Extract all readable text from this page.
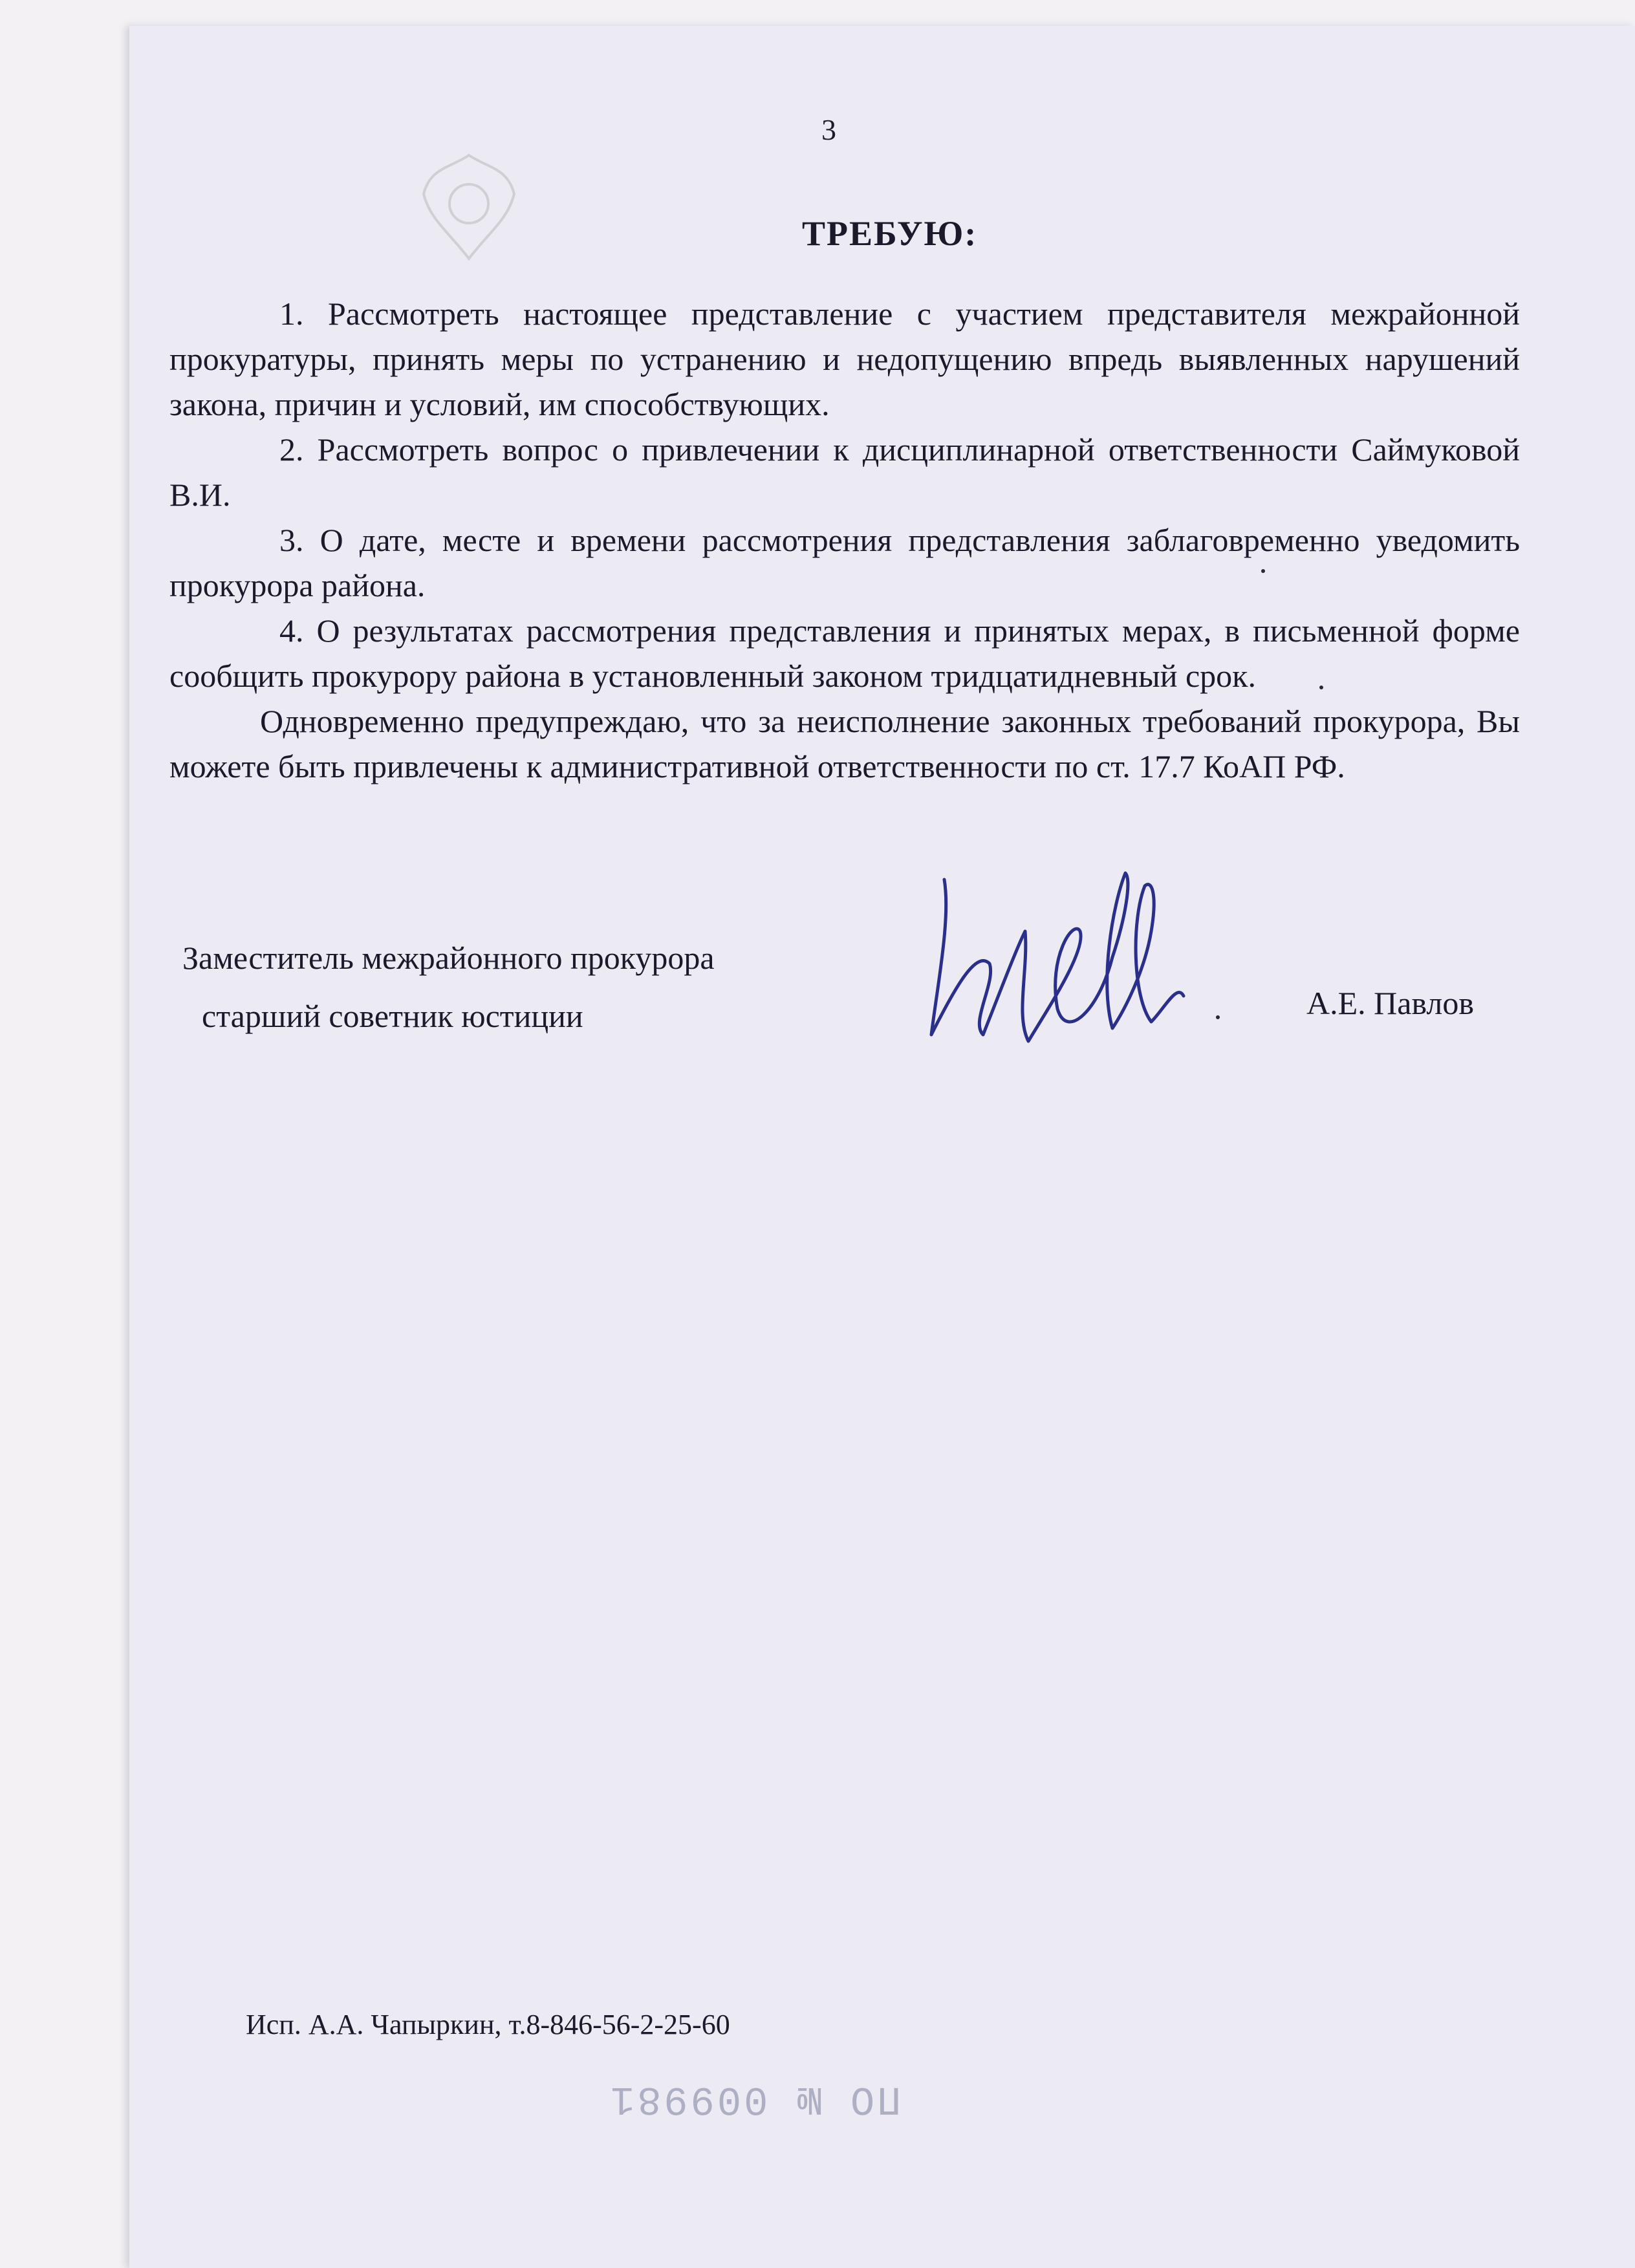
3
ТРЕБУЮ:

1. Рассмотреть настоящее представление с участием представителя межрайонной прокуратуры, принять меры по устранению и недопущению впредь выявленных нарушений закона, причин и условий, им способствующих.

2. Рассмотреть вопрос о привлечении к дисциплинарной ответственности Саймуковой В.И.

3. О дате, месте и времени рассмотрения представления заблаговременно уведомить прокурора района.

4. О результатах рассмотрения представления и принятых мерах, в письменной форме сообщить прокурору района в установленный законом тридцатидневный срок.

Одновременно предупреждаю, что за неисполнение законных требований прокурора, Вы можете быть привлечены к административной ответственности по ст. 17.7 КоАП РФ.

Заместитель межрайонного прокурора
старший советник юстиции	А.Е. Павлов
Исп. А.А. Чапыркин, т.8-846-56-2-25-60
ПО № 009981
